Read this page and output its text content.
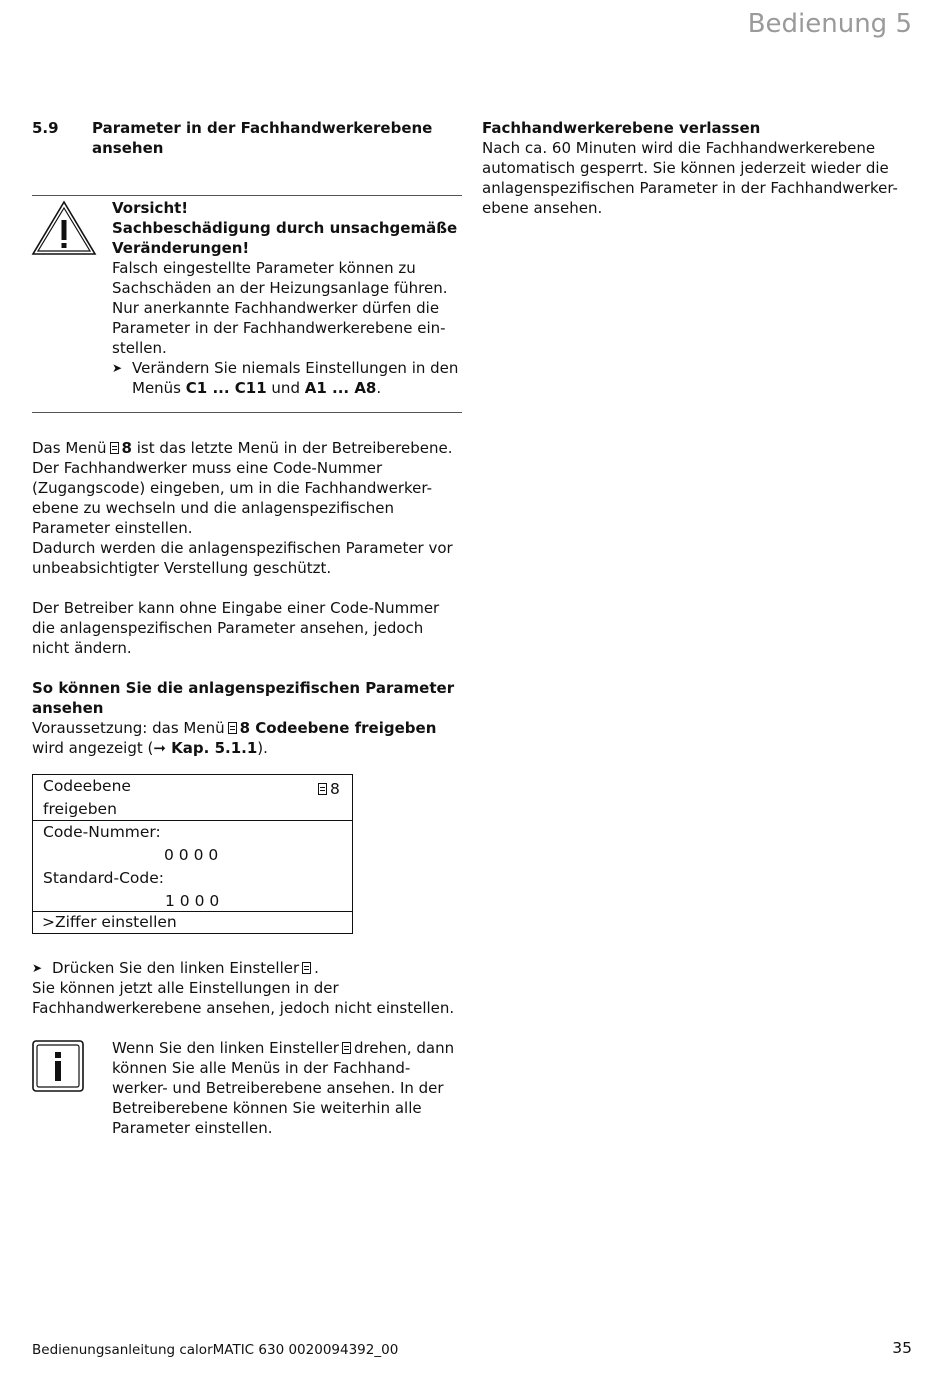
Bedienung 5
5.9 Parameter in der Fachhandwerkerebene ansehen
Vorsicht!
Sachbeschädigung durch unsachgemäße
Veränderungen!
Falsch eingestellte Parameter können zu
Sachschäden an der Heizungsanlage führen.
Nur anerkannte Fachhandwerker dürfen die
Parameter in der Fachhandwerkerebene ein-
stellen.
➤ Verändern Sie niemals Einstellungen in den
Menüs C1 ... C11 und A1 ... A8.
Das Menü 8 ist das letzte Menü in der Betreiberebene.
Der Fachhandwerker muss eine Code-Nummer
(Zugangscode) eingeben, um in die Fachhandwerker-
ebene zu wechseln und die anlagenspezifischen
Parameter einstellen.
Dadurch werden die anlagenspezifischen Parameter vor
unbeabsichtigter Verstellung geschützt.
Der Betreiber kann ohne Eingabe einer Code-Nummer
die anlagenspezifischen Parameter ansehen, jedoch
nicht ändern.
So können Sie die anlagenspezifischen Parameter
ansehen
Voraussetzung: das Menü 8 Codeebene freigeben
wird angezeigt (➞ Kap. 5.1.1).
Codeebene
freigeben
8
Code-Nummer:
0 0 0 0
Standard-Code:
1 0 0 0
>Ziffer einstellen
➤ Drücken Sie den linken Einsteller .
Sie können jetzt alle Einstellungen in der
Fachhandwerkerebene ansehen, jedoch nicht einstellen.
Wenn Sie den linken Einsteller drehen, dann
können Sie alle Menüs in der Fachhand-
werker- und Betreiberebene ansehen. In der
Betreiberebene können Sie weiterhin alle
Parameter einstellen.
Fachhandwerkerebene verlassen
Nach ca. 60 Minuten wird die Fachhandwerkerebene
automatisch gesperrt. Sie können jederzeit wieder die
anlagenspezifischen Parameter in der Fachhandwerker-
ebene ansehen.
Bedienungsanleitung calorMATIC 630 0020094392_00	35
